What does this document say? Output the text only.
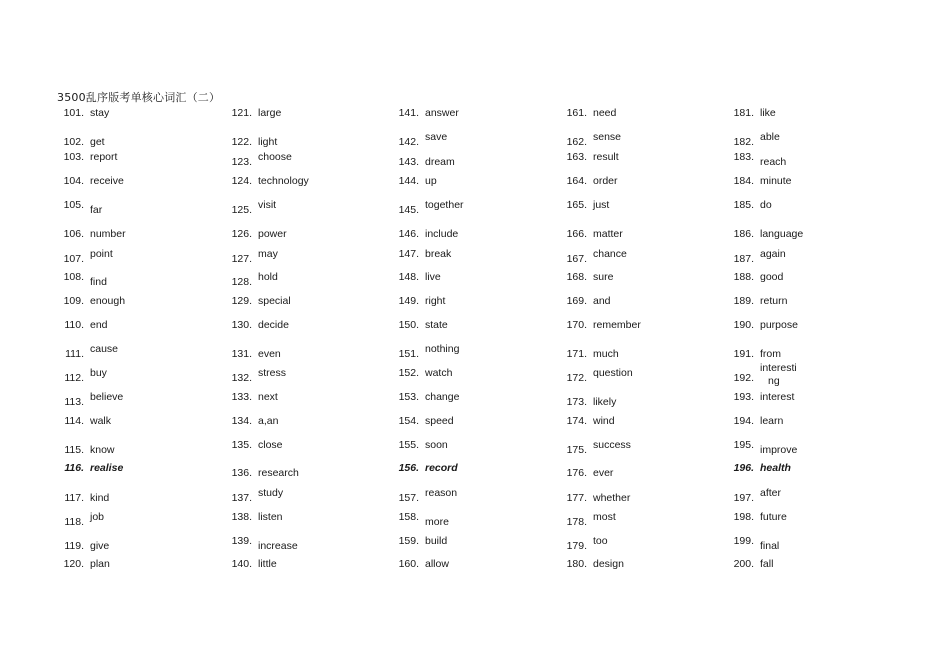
3500乱序版考单核心词汇（二）
101. stay
102. get
103. report
104. receive
105. far
106. number
107. point
108. find
109. enough
110. end
111. cause
112. buy
113. believe
114. walk
115. know
116. realise
117. kind
118. job
119. give
120. plan
121. large
122. light
123. choose
124. technology
125. visit
126. power
127. may
128. hold
129. special
130. decide
131. even
132. stress
133. next
134. a,an
135. close
136. research
137. study
138. listen
139. increase
140. little
141. answer
142. save
143. dream
144. up
145. together
146. include
147. break
148. live
149. right
150. state
151. nothing
152. watch
153. change
154. speed
155. soon
156. record
157. reason
158. more
159. build
160. allow
161. need
162. sense
163. result
164. order
165. just
166. matter
167. chance
168. sure
169. and
170. remember
171. much
172. question
173. likely
174. wind
175. success
176. ever
177. whether
178. most
179. too
180. design
181. like
182. able
183. reach
184. minute
185. do
186. language
187. again
188. good
189. return
190. purpose
191. from
192.
interesti
193. interest
194. learn
195. improve
196. health
197. after
198. future
199. final
200. fall
ng
